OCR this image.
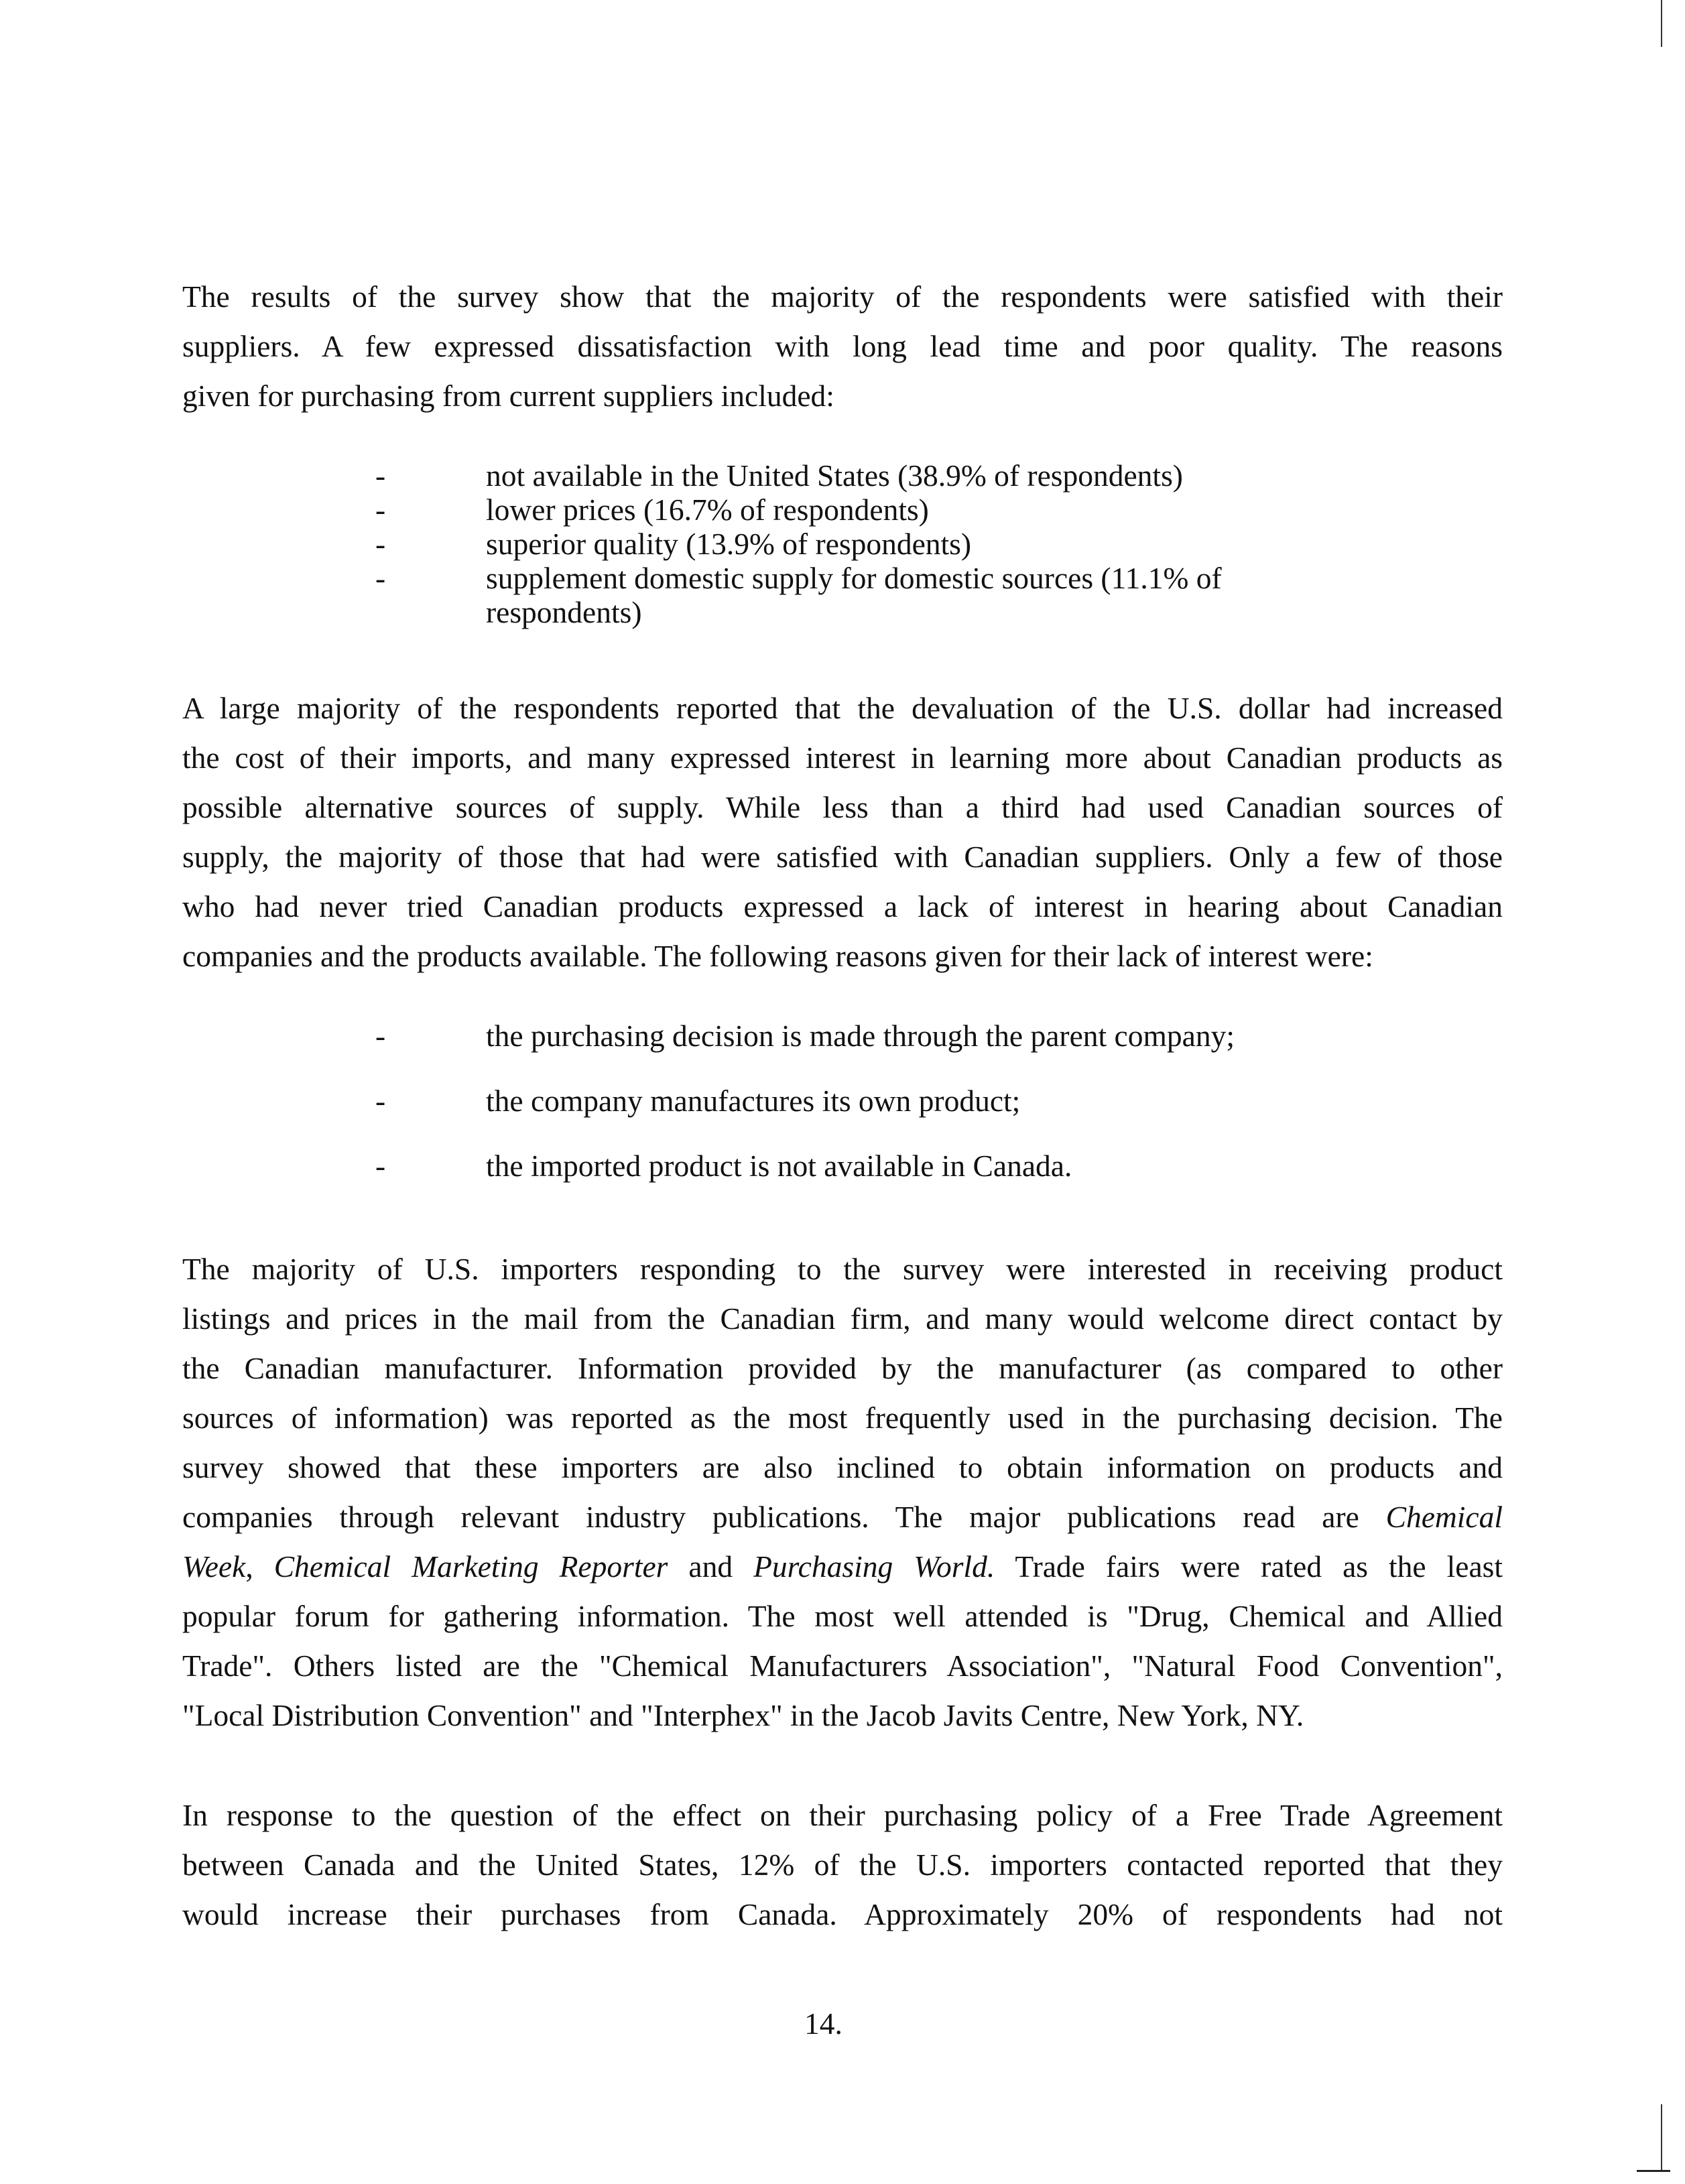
The results of the survey show that the majority of the respondents were satisfied with their
suppliers. A few expressed dissatisfaction with long lead time and poor quality. The reasons
given for purchasing from current suppliers included:

-	not available in the United States (38.9% of respondents)
-	lower prices (16.7% of respondents)
-	superior quality (13.9% of respondents)
-	supplement domestic supply for domestic sources (11.1% of respondents)

A large majority of the respondents reported that the devaluation of the U.S. dollar had increased
the cost of their imports, and many expressed interest in learning more about Canadian products as
possible alternative sources of supply. While less than a third had used Canadian sources of
supply, the majority of those that had were satisfied with Canadian suppliers. Only a few of those
who had never tried Canadian products expressed a lack of interest in hearing about Canadian
companies and the products available. The following reasons given for their lack of interest were:

-	the purchasing decision is made through the parent company;
-	the company manufactures its own product;
-	the imported product is not available in Canada.

The majority of U.S. importers responding to the survey were interested in receiving product
listings and prices in the mail from the Canadian firm, and many would welcome direct contact by
the Canadian manufacturer. Information provided by the manufacturer (as compared to other
sources of information) was reported as the most frequently used in the purchasing decision. The
survey showed that these importers are also inclined to obtain information on products and
companies through relevant industry publications. The major publications read are Chemical
Week, Chemical Marketing Reporter and Purchasing World. Trade fairs were rated as the least
popular forum for gathering information. The most well attended is "Drug, Chemical and Allied
Trade". Others listed are the "Chemical Manufacturers Association", "Natural Food Convention",
"Local Distribution Convention" and "Interphex" in the Jacob Javits Centre, New York, NY.

In response to the question of the effect on their purchasing policy of a Free Trade Agreement
between Canada and the United States, 12% of the U.S. importers contacted reported that they
would increase their purchases from Canada. Approximately 20% of respondents had not

14.
